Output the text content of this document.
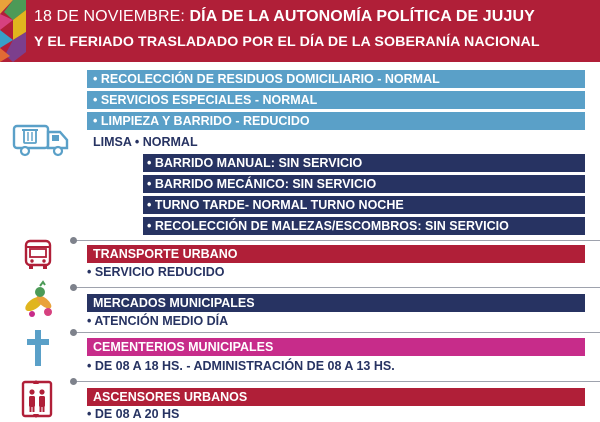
18 DE NOVIEMBRE: DÍA DE LA AUTONOMÍA POLÍTICA DE JUJUY
Y EL FERIADO TRASLADADO POR EL DÍA DE LA SOBERANÍA NACIONAL
• RECOLECCIÓN DE RESIDUOS DOMICILIARIO - NORMAL
• SERVICIOS ESPECIALES - NORMAL
• LIMPIEZA Y BARRIDO - REDUCIDO
LIMSA • NORMAL
• BARRIDO MANUAL: SIN SERVICIO
• BARRIDO MECÁNICO: SIN SERVICIO
• TURNO TARDE- NORMAL TURNO NOCHE
• RECOLECCIÓN DE MALEZAS/ESCOMBROS: SIN SERVICIO
TRANSPORTE URBANO
• SERVICIO REDUCIDO
MERCADOS MUNICIPALES
• ATENCIÓN MEDIO DÍA
CEMENTERIOS MUNICIPALES
• DE 08 A 18 HS. - ADMINISTRACIÓN DE 08 A 13 HS.
ASCENSORES URBANOS
• DE 08 A 20 HS
